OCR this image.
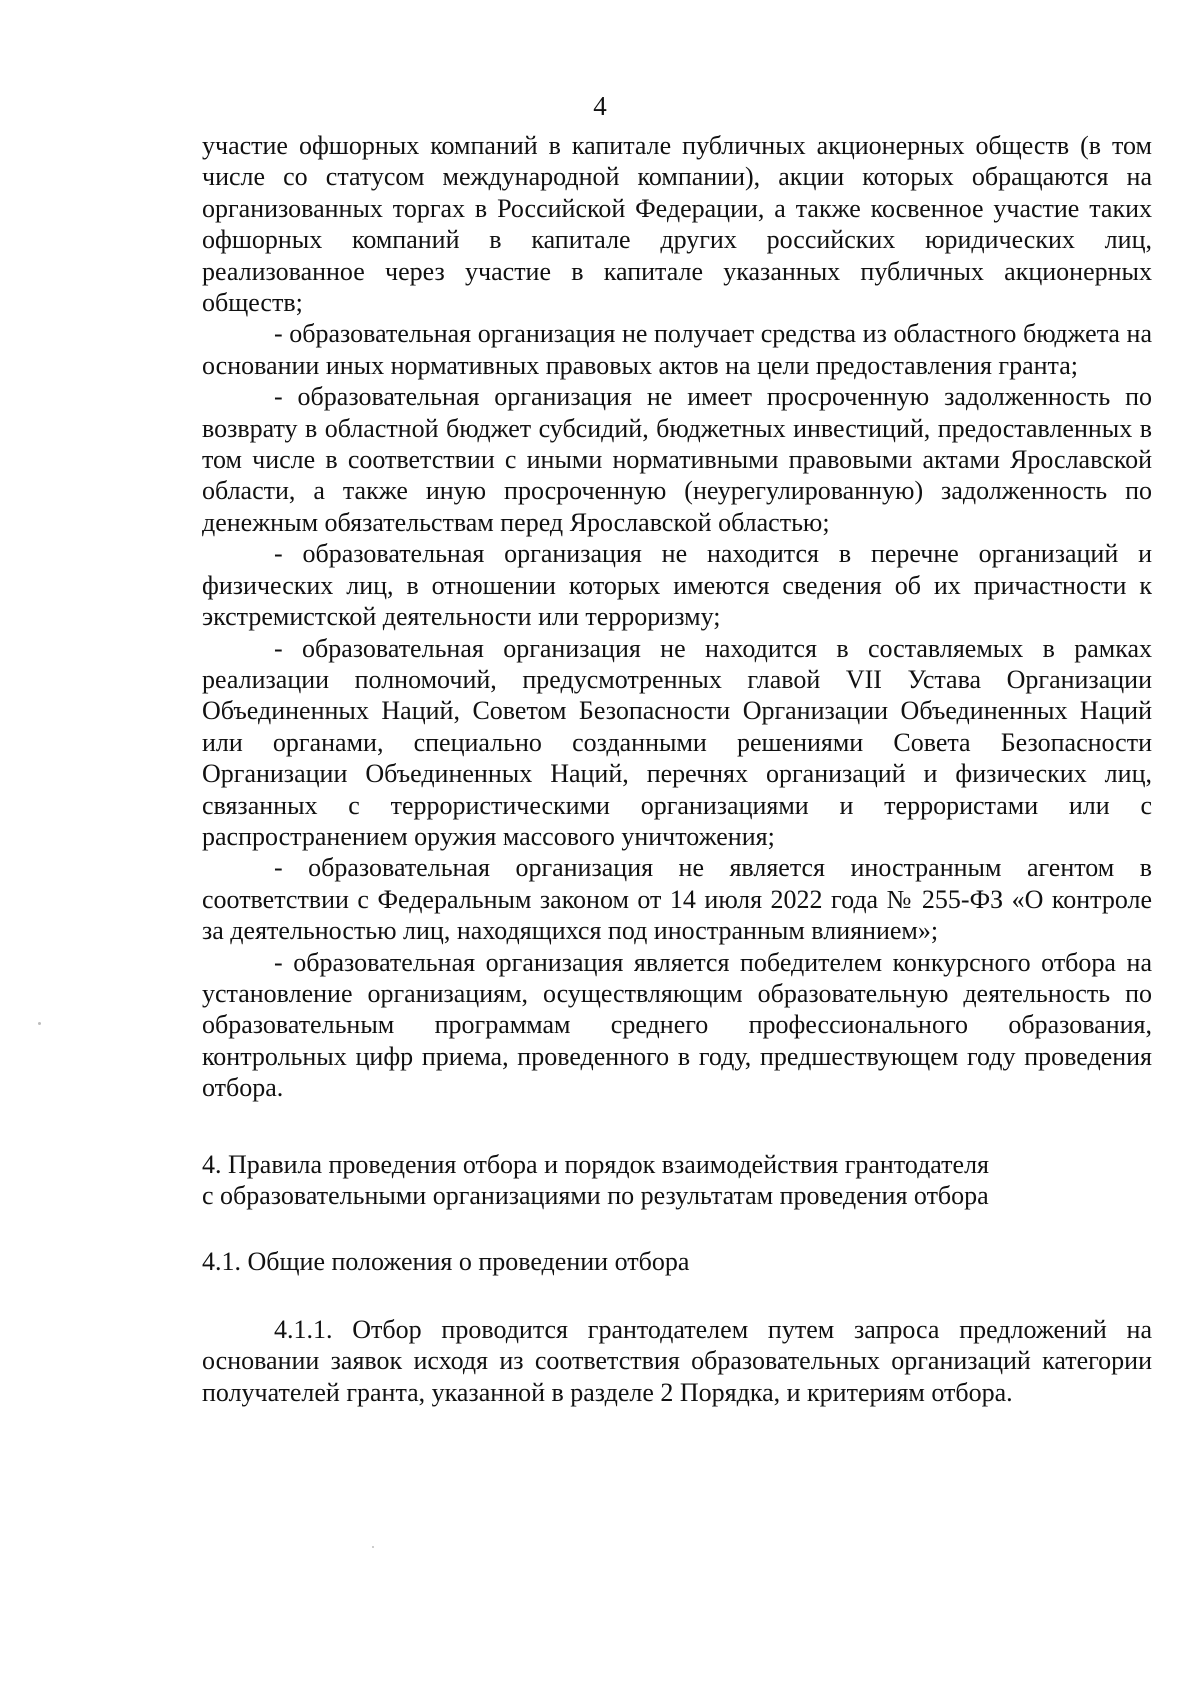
4

участие офшорных компаний в капитале публичных акционерных обществ (в том числе со статусом международной компании), акции которых обращаются на организованных торгах в Российской Федерации, а также косвенное участие таких офшорных компаний в капитале других российских юридических лиц, реализованное через участие в капитале указанных публичных акционерных обществ;

- образовательная организация не получает средства из областного бюджета на основании иных нормативных правовых актов на цели предоставления гранта;

- образовательная организация не имеет просроченную задолженность по возврату в областной бюджет субсидий, бюджетных инвестиций, предоставленных в том числе в соответствии с иными нормативными правовыми актами Ярославской области, а также иную просроченную (неурегулированную) задолженность по денежным обязательствам перед Ярославской областью;

- образовательная организация не находится в перечне организаций и физических лиц, в отношении которых имеются сведения об их причастности к экстремистской деятельности или терроризму;

- образовательная организация не находится в составляемых в рамках реализации полномочий, предусмотренных главой VII Устава Организации Объединенных Наций, Советом Безопасности Организации Объединенных Наций или органами, специально созданными решениями Совета Безопасности Организации Объединенных Наций, перечнях организаций и физических лиц, связанных с террористическими организациями и террористами или с распространением оружия массового уничтожения;

- образовательная организация не является иностранным агентом в соответствии с Федеральным законом от 14 июля 2022 года № 255-ФЗ «О контроле за деятельностью лиц, находящихся под иностранным влиянием»;

- образовательная организация является победителем конкурсного отбора на установление организациям, осуществляющим образовательную деятельность по образовательным программам среднего профессионального образования, контрольных цифр приема, проведенного в году, предшествующем году проведения отбора.

4. Правила проведения отбора и порядок взаимодействия грантодателя
с образовательными организациями по результатам проведения отбора

4.1. Общие положения о проведении отбора

4.1.1. Отбор проводится грантодателем путем запроса предложений на основании заявок исходя из соответствия образовательных организаций категории получателей гранта, указанной в разделе 2 Порядка, и критериям отбора.
